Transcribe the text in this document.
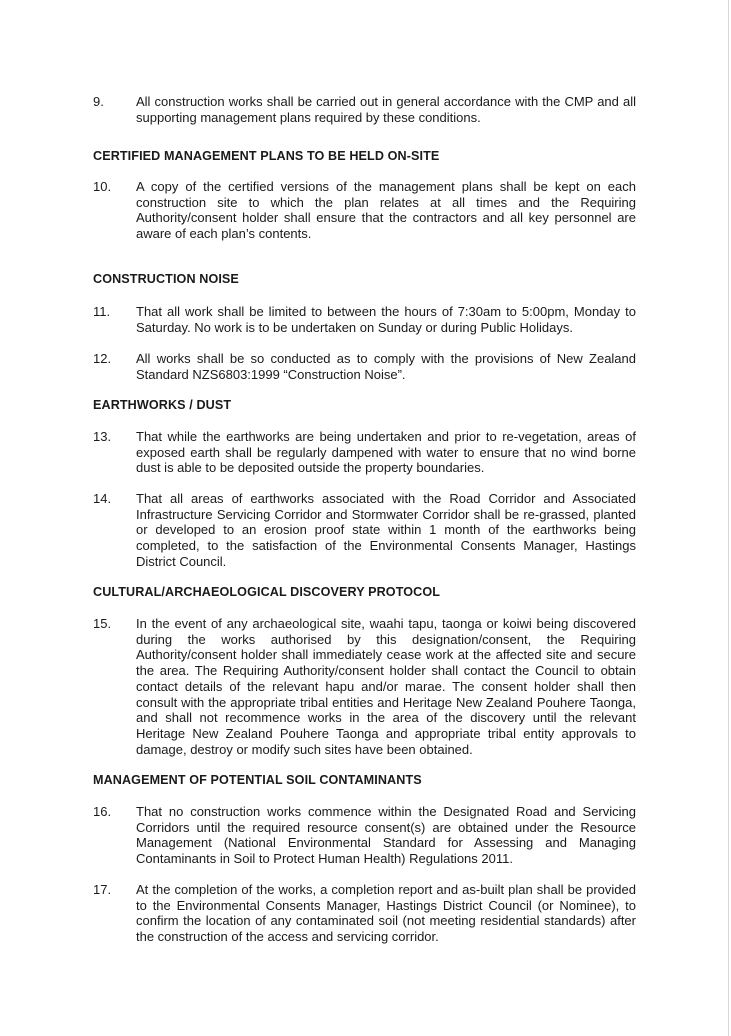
9. All construction works shall be carried out in general accordance with the CMP and all supporting management plans required by these conditions.
CERTIFIED MANAGEMENT PLANS TO BE HELD ON-SITE
10. A copy of the certified versions of the management plans shall be kept on each construction site to which the plan relates at all times and the Requiring Authority/consent holder shall ensure that the contractors and all key personnel are aware of each plan’s contents.
CONSTRUCTION NOISE
11. That all work shall be limited to between the hours of 7:30am to 5:00pm, Monday to Saturday. No work is to be undertaken on Sunday or during Public Holidays.
12. All works shall be so conducted as to comply with the provisions of New Zealand Standard NZS6803:1999 “Construction Noise”.
EARTHWORKS / DUST
13. That while the earthworks are being undertaken and prior to re-vegetation, areas of exposed earth shall be regularly dampened with water to ensure that no wind borne dust is able to be deposited outside the property boundaries.
14. That all areas of earthworks associated with the Road Corridor and Associated Infrastructure Servicing Corridor and Stormwater Corridor shall be re-grassed, planted or developed to an erosion proof state within 1 month of the earthworks being completed, to the satisfaction of the Environmental Consents Manager, Hastings District Council.
CULTURAL/ARCHAEOLOGICAL DISCOVERY PROTOCOL
15. In the event of any archaeological site, waahi tapu, taonga or koiwi being discovered during the works authorised by this designation/consent, the Requiring Authority/consent holder shall immediately cease work at the affected site and secure the area. The Requiring Authority/consent holder shall contact the Council to obtain contact details of the relevant hapu and/or marae. The consent holder shall then consult with the appropriate tribal entities and Heritage New Zealand Pouhere Taonga, and shall not recommence works in the area of the discovery until the relevant Heritage New Zealand Pouhere Taonga and appropriate tribal entity approvals to damage, destroy or modify such sites have been obtained.
MANAGEMENT OF POTENTIAL SOIL CONTAMINANTS
16. That no construction works commence within the Designated Road and Servicing Corridors until the required resource consent(s) are obtained under the Resource Management (National Environmental Standard for Assessing and Managing Contaminants in Soil to Protect Human Health) Regulations 2011.
17. At the completion of the works, a completion report and as-built plan shall be provided to the Environmental Consents Manager, Hastings District Council (or Nominee), to confirm the location of any contaminated soil (not meeting residential standards) after the construction of the access and servicing corridor.
